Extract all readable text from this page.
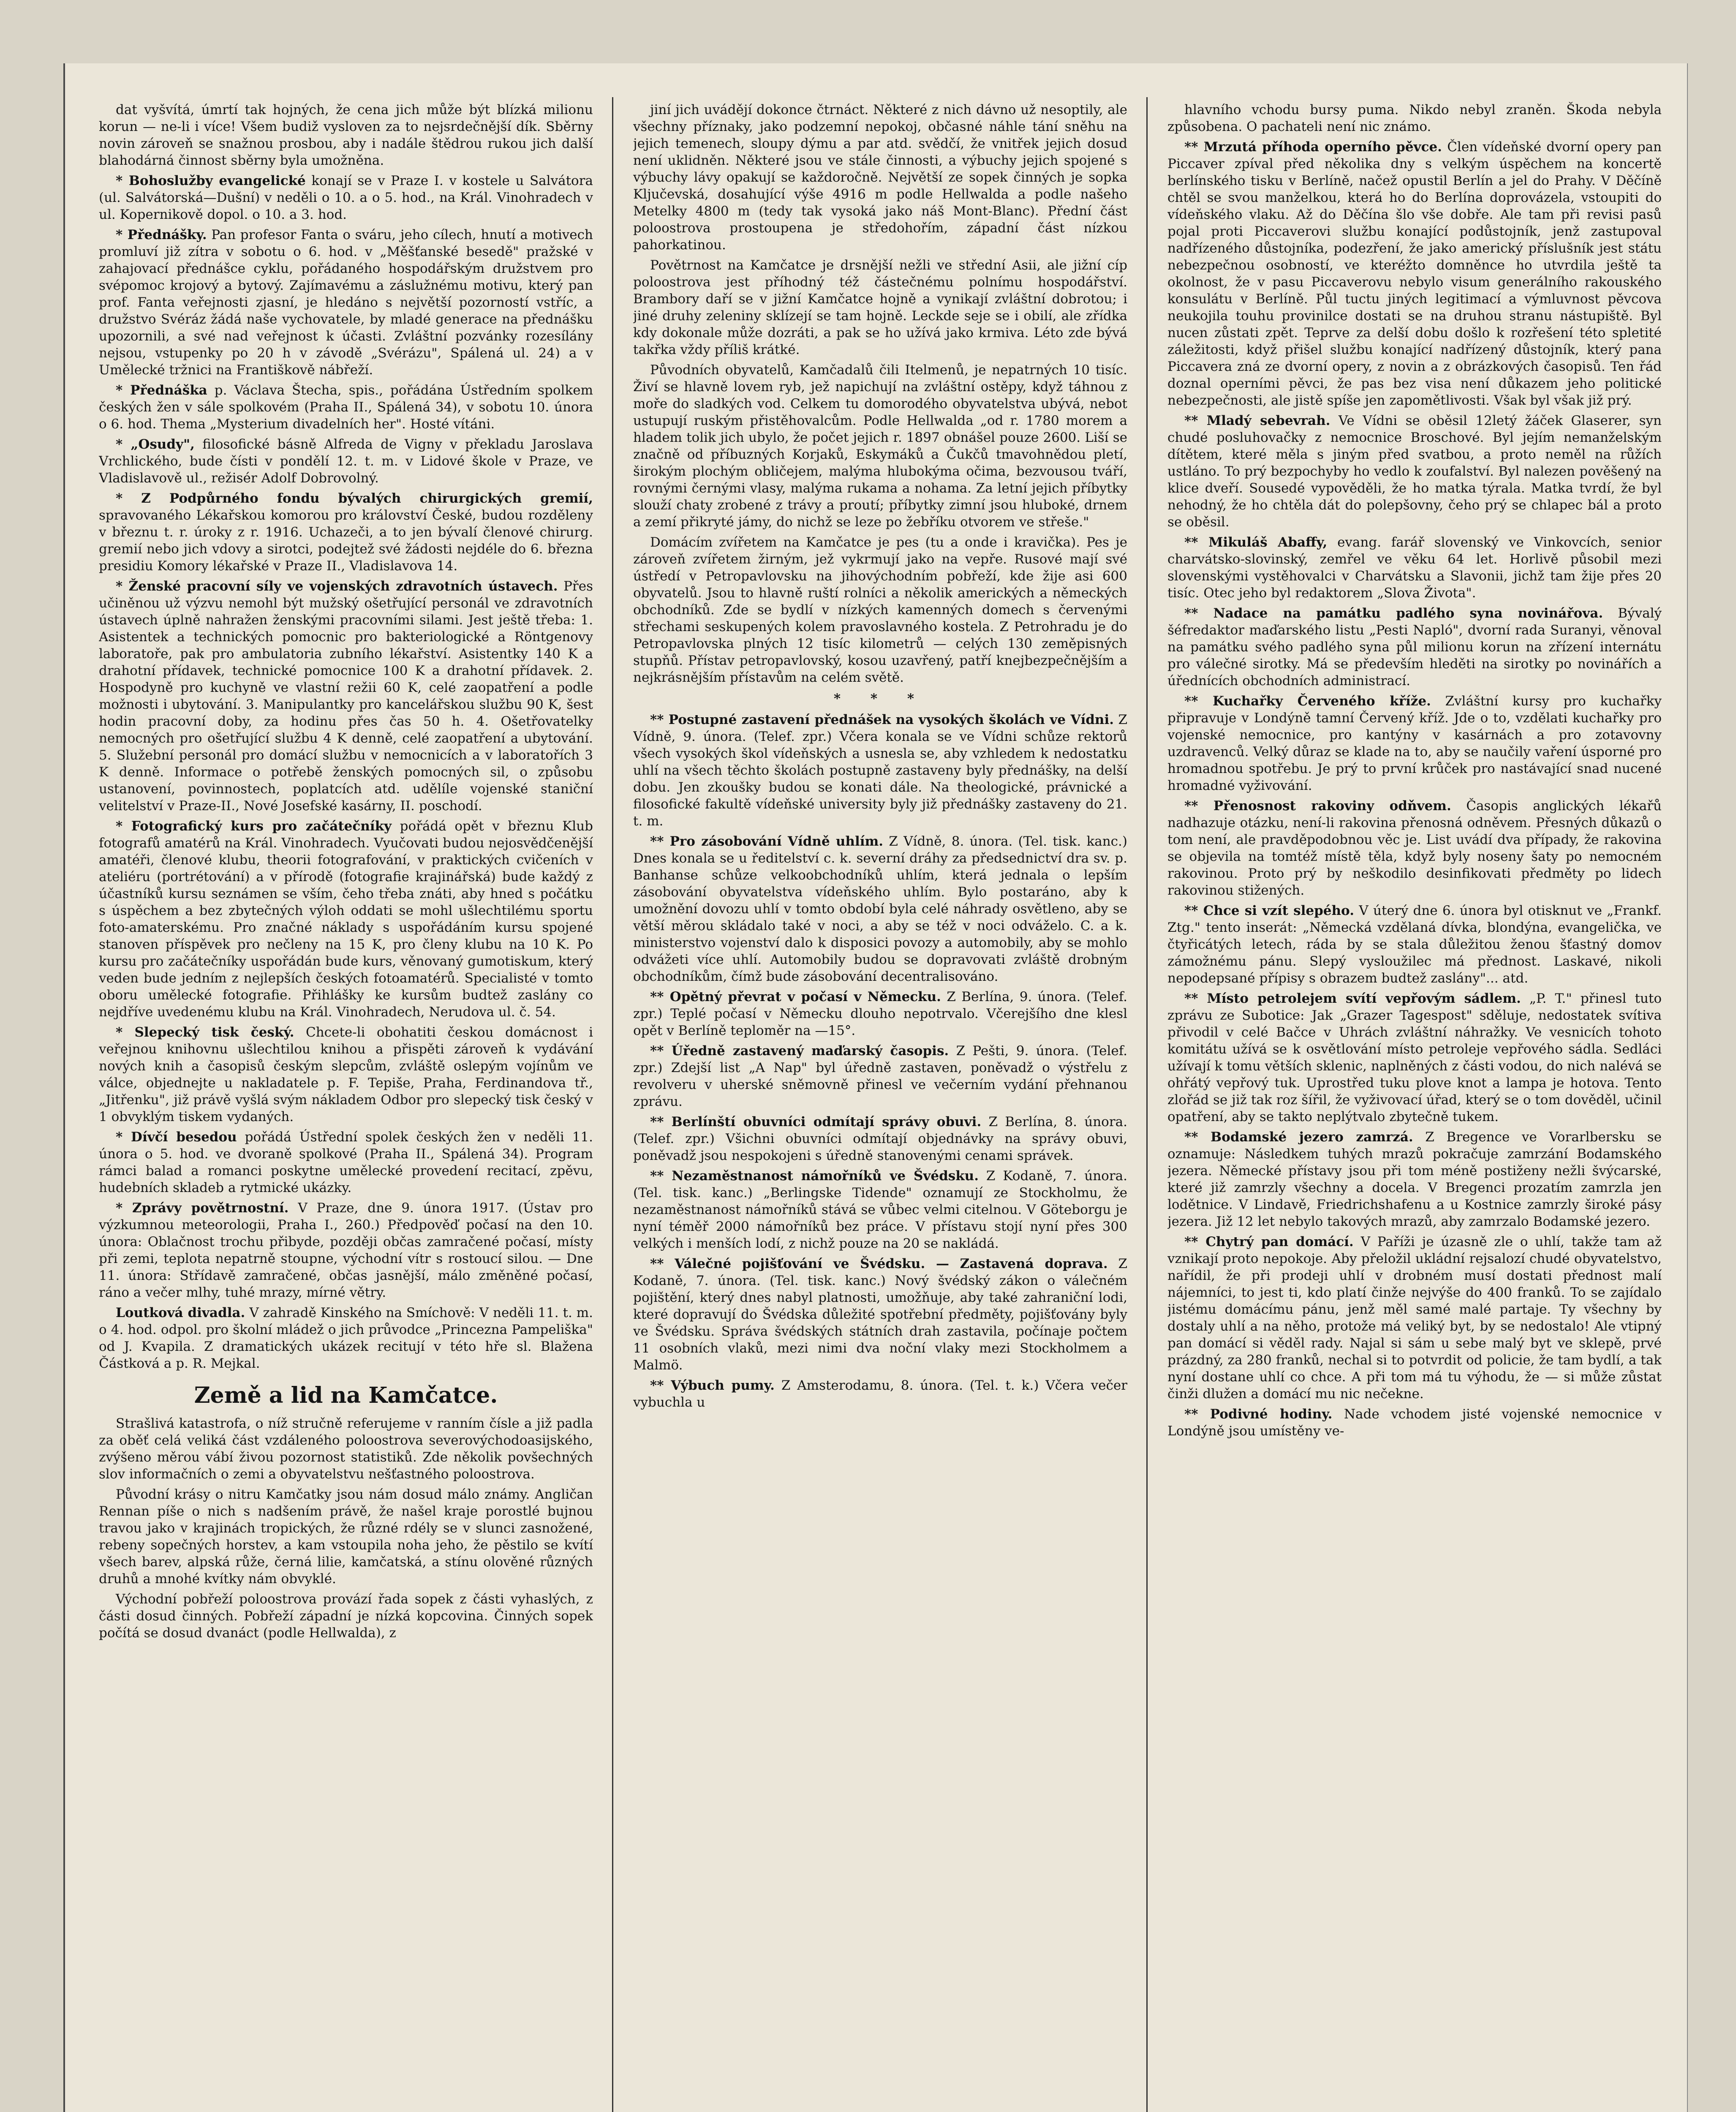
dat vyšvítá, úmrtí tak hojných, že cena jich může být blízká milionu korun — ne-li i více! Všem budiž vysloven za to nejsrdečnější dík. Sběrny novin zároveň se snažnou prosbou, aby i nadále štědrou rukou jich další blahodárná činnost sběrny byla umožněna.

* Bohoslužby evangelické konají se v Praze I. v kostele u Salvátora (ul. Salvátorská—Dušní) v neděli o 10. a o 5. hod., na Král. Vinohradech v ul. Kopernikově dopol. o 10. a 3. hod.

* Přednášky. Pan profesor Fanta o sváru, jeho cílech, hnutí a motivech promluví již zítra v sobotu o 6. hod. v „Měšťanské besedě" pražské v zahajovací přednášce cyklu, pořádaného hospodářským družstvem pro svépomoc krojový a bytový. Zajímavému a záslužnému motivu, který pan prof. Fanta veřejnosti zjasní, je hledáno s největší pozorností vstříc, a družstvo Svéráz žádá naše vychovatele, by mladé generace na přednášku upozornili, a své nad veřejnost k účasti. Zvláštní pozvánky rozesílány nejsou, vstupenky po 20 h v závodě „Svérázu", Spálená ul. 24) a v Umělecké tržnici na Františkově nábřeží.

* Přednáška p. Václava Štecha, spis., pořádána Ústředním spolkem českých žen v sále spolkovém (Praha II., Spálená 34), v sobotu 10. února o 6. hod. Thema „Mysterium divadelních her". Hosté vítáni.

* „Osudy", filosofické básně Alfreda de Vigny v překladu Jaroslava Vrchlického, bude čísti v pondělí 12. t. m. v Lidové škole v Praze, ve Vladislavově ul., režisér Adolf Dobrovolný.

* Z Podpůrného fondu bývalých chirurgických gremií, spravovaného Lékařskou komorou pro království České, budou rozděleny v březnu t. r. úroky z r. 1916. Uchazeči, a to jen bývalí členové chirurg. gremií nebo jich vdovy a sirotci, podejtež své žádosti nejdéle do 6. března presidiu Komory lékařské v Praze II., Vladislavova 14.

* Ženské pracovní síly ve vojenských zdravotních ústavech. Přes učiněnou už výzvu nemohl být mužský ošetřující personál ve zdravotních ústavech úplně nahražen ženskými pracovními silami. Jest ještě třeba: 1. Asistentek a technických pomocnic pro bakteriologické a Röntgenovy laboratoře, pak pro ambulatoria zubního lékařství. Asistentky 140 K a drahotní přídavek, technické pomocnice 100 K a drahotní přídavek. 2. Hospodyně pro kuchyně ve vlastní režii 60 K, celé zaopatření a podle možnosti i ubytování. 3. Manipulantky pro kancelářskou službu 90 K, šest hodin pracovní doby, za hodinu přes čas 50 h. 4. Ošetřovatelky nemocných pro ošetřující službu 4 K denně, celé zaopatření a ubytování. 5. Služební personál pro domácí službu v nemocnicích a v laboratořích 3 K denně. Informace o potřebě ženských pomocných sil, o způsobu ustanovení, povinnostech, poplatcích atd. udělíle vojenské staniční velitelství v Praze-II., Nové Josefské kasárny, II. poschodí.

* Fotografický kurs pro začátečníky pořádá opět v březnu Klub fotografů amatérů na Král. Vinohradech. Vyučovati budou nejosvědčenější amatéři, členové klubu, theorii fotografování, v praktických cvičeních v ateliéru (portrétování) a v přírodě (fotografie krajinářská) bude každý z účastníků kursu seznámen se vším, čeho třeba znáti, aby hned s počátku s úspěchem a bez zbytečných výloh oddati se mohl ušlechtilému sportu foto-amaterskému. Pro značné náklady s uspořádáním kursu spojené stanoven příspěvek pro nečleny na 15 K, pro členy klubu na 10 K. Po kursu pro začátečníky uspořádán bude kurs, věnovaný gumotiskum, který veden bude jedním z nejlepších českých fotoamatérů. Specialisté v tomto oboru umělecké fotografie. Přihlášky ke kursům budtež zaslány co nejdříve uvedenému klubu na Král. Vinohradech, Nerudova ul. č. 54.

* Slepecký tisk český. Chcete-li obohatiti českou domácnost i veřejnou knihovnu ušlechtilou knihou a přispěti zároveň k vydávání nových knih a časopisů českým slepcům, zvláště oslepým vojínům ve válce, objednejte u nakladatele p. F. Tepiše, Praha, Ferdinandova tř., „Jitřenku", již právě vyšlá svým nákladem Odbor pro slepecký tisk český v 1 obvyklým tiskem vydaných.

* Dívčí besedou pořádá Ústřední spolek českých žen v neděli 11. února o 5. hod. ve dvoraně spolkové (Praha II., Spálená 34). Program rámci balad a romanci poskytne umělecké provedení recitací, zpěvu, hudebních skladeb a rytmické ukázky.

* Zprávy povětrnostní. V Praze, dne 9. února 1917. (Ústav pro výzkumnou meteorologii, Praha I., 260.) Předpověď počasí na den 10. února: Oblačnost trochu přibyde, později občas zamračené počasí, místy při zemi, teplota nepatrně stoupne, východní vítr s rostoucí silou. — Dne 11. února: Střídavě zamračené, občas jasnější, málo změněné počasí, ráno a večer mlhy, tuhé mrazy, mírné větry.

Loutková divadla. V zahradě Kinského na Smíchově: V neděli 11. t. m. o 4. hod. odpol. pro školní mládež o jich průvodce „Princezna Pampeliška" od J. Kvapila. Z dramatických ukázek recitují v této hře sl. Blažena Částková a p. R. Mejkal.

Země a lid na Kamčatce.

Strašlivá katastrofa, o níž stručně referujeme v ranním čísle a již padla za oběť celá veliká část vzdáleného poloostrova severovýchodoasijského, zvýšeno měrou vábí živou pozornost statistiků. Zde několik povšechných slov informačních o zemi a obyvatelstvu nešťastného poloostrova.

Původní krásy o nitru Kamčatky jsou nám dosud málo známy. Angličan Rennan píše o nich s nadšením právě, že našel kraje porostlé bujnou travou jako v krajinách tropických, že různé rdély se v slunci zasnožené, rebeny sopečných horstev, a kam vstoupila noha jeho, že pěstilo se kvítí všech barev, alpská růže, černá lilie, kamčatská, a stínu olověné různých druhů a mnohé kvítky nám obvyklé.

Východní pobřeží poloostrova provází řada sopek z části vyhaslých, z části dosud činných. Pobřeží západní je nízká kopcovina. Činných sopek počítá se dosud dvanáct (podle Hellwalda), z

jiní jich uvádějí dokonce čtrnáct. Některé z nich dávno už nesoptily, ale všechny příznaky, jako podzemní nepokoj, občasné náhle tání sněhu na jejich temenech, sloupy dýmu a par atd. svědčí, že vnitřek jejich dosud není uklidněn. Některé jsou ve stále činnosti, a výbuchy jejich spojené s výbuchy lávy opakují se každoročně. Největší ze sopek činných je sopka Ključevská, dosahující výše 4916 m podle Hellwalda a podle našeho Metelky 4800 m (tedy tak vysoká jako náš Mont-Blanc). Přední část poloostrova prostoupena je středohořím, západní část nízkou pahorkatinou.

Povětrnost na Kamčatce je drsnější nežli ve střední Asii, ale jižní cíp poloostrova jest příhodný též částečnému polnímu hospodářství. Brambory daří se v jižní Kamčatce hojně a vynikají zvláštní dobrotou; i jiné druhy zeleniny sklízejí se tam hojně. Leckde seje se i obilí, ale zřídka kdy dokonale může dozráti, a pak se ho užívá jako krmiva. Léto zde bývá takřka vždy příliš krátké.

Původních obyvatelů, Kamčadalů čili Itelmenů, je nepatrných 10 tisíc. Živí se hlavně lovem ryb, jež napichují na zvláštní ostěpy, když táhnou z moře do sladkých vod. Celkem tu domorodého obyvatelstva ubývá, nebot ustupují ruským přistěhovalcům. Podle Hellwalda „od r. 1780 morem a hladem tolik jich ubylo, že počet jejich r. 1897 obnášel pouze 2600. Liší se značně od příbuzných Korjaků, Eskymáků a Čukčů tmavohnědou pletí, širokým plochým obličejem, malýma hlubokýma očima, bezvousou tváří, rovnými černými vlasy, malýma rukama a nohama. Za letní jejich příbytky slouží chaty zrobené z trávy a proutí; příbytky zimní jsou hluboké, drnem a zemí přikryté jámy, do nichž se leze po žebříku otvorem ve střeše."

Domácím zvířetem na Kamčatce je pes (tu a onde i kravička). Pes je zároveň zvířetem žirným, jež vykrmují jako na vepře. Rusové mají své ústředí v Petropavlovsku na jihovýchodním pobřeží, kde žije asi 600 obyvatelů. Jsou to hlavně ruští rolníci a několik amerických a německých obchodníků. Zde se bydlí v nízkých kamenných domech s červenými střechami seskupených kolem pravoslavného kostela. Z Petrohradu je do Petropavlovska plných 12 tisíc kilometrů — celých 130 zeměpisných stupňů. Přístav petropavlovský, kosou uzavřený, patří knejbezpečnějším a nejkrásnějším přístavům na celém světě.

* * *

** Postupné zastavení přednášek na vysokých školách ve Vídni. Z Vídně, 9. února. (Telef. zpr.) Včera konala se ve Vídni schůze rektorů všech vysokých škol vídeňských a usnesla se, aby vzhledem k nedostatku uhlí na všech těchto školách postupně zastaveny byly přednášky, na delší dobu. Jen zkoušky budou se konati dále. Na theologické, právnické a filosofické fakultě vídeňské university byly již přednášky zastaveny do 21. t. m.

** Pro zásobování Vídně uhlím. Z Vídně, 8. února. (Tel. tisk. kanc.) Dnes konala se u ředitelství c. k. severní dráhy za předsednictví dra sv. p. Banhanse schůze velkoobchodníků uhlím, která jednala o lepším zásobování obyvatelstva vídeňského uhlím. Bylo postaráno, aby k umožnění dovozu uhlí v tomto období byla celé náhrady osvětleno, aby se větší měrou skládalo také v noci, a aby se též v noci odváželo. C. a k. ministerstvo vojenství dalo k disposici povozy a automobily, aby se mohlo odvážeti více uhlí. Automobily budou se dopravovati zvláště drobným obchodníkům, čímž bude zásobování decentralisováno.

** Opětný převrat v počasí v Německu. Z Berlína, 9. února. (Telef. zpr.) Teplé počasí v Německu dlouho nepotrvalo. Včerejšího dne klesl opět v Berlíně teploměr na —15°.

** Úředně zastavený maďarský časopis. Z Pešti, 9. února. (Telef. zpr.) Zdejší list „A Nap" byl úředně zastaven, poněvadž o výstřelu z revolveru v uherské sněmovně přinesl ve večerním vydání přehnanou zprávu.

** Berlínští obuvníci odmítají správy obuvi. Z Berlína, 8. února. (Telef. zpr.) Všichni obuvníci odmítají objednávky na správy obuvi, poněvadž jsou nespokojeni s úředně stanovenými cenami správek.

** Nezaměstnanost námořníků ve Švédsku. Z Kodaně, 7. února. (Tel. tisk. kanc.) „Berlingske Tidende" oznamují ze Stockholmu, že nezaměstnanost námořníků stává se vůbec velmi citelnou. V Göteborgu je nyní téměř 2000 námořníků bez práce. V přístavu stojí nyní přes 300 velkých i menších lodí, z nichž pouze na 20 se nakládá.

** Válečné pojišťování ve Švédsku. — Zastavená doprava. Z Kodaně, 7. února. (Tel. tisk. kanc.) Nový švédský zákon o válečném pojištění, který dnes nabyl platnosti, umožňuje, aby také zahraniční lodi, které dopravují do Švédska důležité spotřební předměty, pojišťovány byly ve Švédsku. Správa švédských státních drah zastavila, počínaje počtem 11 osobních vlaků, mezi nimi dva noční vlaky mezi Stockholmem a Malmö.

** Výbuch pumy. Z Amsterodamu, 8. února. (Tel. t. k.) Včera večer vybuchla u

hlavního vchodu bursy puma. Nikdo nebyl zraněn. Škoda nebyla způsobena. O pachateli není nic známo.

** Mrzutá příhoda operního pěvce. Člen vídeňské dvorní opery pan Piccaver zpíval před několika dny s velkým úspěchem na koncertě berlínského tisku v Berlíně, načež opustil Berlín a jel do Prahy. V Děčíně chtěl se svou manželkou, která ho do Berlína doprovázela, vstoupiti do vídeňského vlaku. Až do Děčína šlo vše dobře. Ale tam při revisi pasů pojal proti Piccaverovi službu konající podůstojník, jenž zastupoval nadřízeného důstojníka, podezření, že jako americký příslušník jest státu nebezpečnou osobností, ve kteréžto domněnce ho utvrdila ještě ta okolnost, že v pasu Piccaverovu nebylo visum generálního rakouského konsulátu v Berlíně. Půl tuctu jiných legitimací a výmluvnost pěvcova neukojila touhu provinilce dostati se na druhou stranu nástupiště. Byl nucen zůstati zpět. Teprve za delší dobu došlo k rozřešení této spletité záležitosti, když přišel službu konající nadřízený důstojník, který pana Piccavera zná ze dvorní opery, z novin a z obrázkových časopisů. Ten řád doznal operními pěvci, že pas bez visa není důkazem jeho politické nebezpečnosti, ale jistě spíše jen zapomětlivosti. Však byl však již prý.

** Mladý sebevrah. Ve Vídni se oběsil 12letý žáček Glaserer, syn chudé posluhovačky z nemocnice Broschové. Byl jejím nemanželským dítětem, které měla s jiným před svatbou, a proto neměl na růžích ustláno. To prý bezpochyby ho vedlo k zoufalství. Byl nalezen pověšený na klice dveří. Sousedé vypověděli, že ho matka týrala. Matka tvrdí, že byl nehodný, že ho chtěla dát do polepšovny, čeho prý se chlapec bál a proto se oběsil.

** Mikuláš Abaffy, evang. farář slovenský ve Vinkovcích, senior charvátsko-slovinský, zemřel ve věku 64 let. Horlivě působil mezi slovenskými vystěhovalci v Charvátsku a Slavonii, jichž tam žije přes 20 tisíc. Otec jeho byl redaktorem „Slova Života".

** Nadace na památku padlého syna novinářova. Bývalý šéfredaktor maďarského listu „Pesti Napló", dvorní rada Suranyi, věnoval na památku svého padlého syna půl milionu korun na zřízení internátu pro válečné sirotky. Má se především hleděti na sirotky po novinářích a úřednících obchodních administrací.

** Kuchařky Červeného kříže. Zvláštní kursy pro kuchařky připravuje v Londýně tamní Červený kříž. Jde o to, vzdělati kuchařky pro vojenské nemocnice, pro kantýny v kasárnách a pro zotavovny uzdravenců. Velký důraz se klade na to, aby se naučily vaření úsporné pro hromadnou spotřebu. Je prý to první krůček pro nastávající snad nucené hromadné vyživování.

** Přenosnost rakoviny odňvem. Časopis anglických lékařů nadhazuje otázku, není-li rakovina přenosná odněvem. Přesných důkazů o tom není, ale pravděpodobnou věc je. List uvádí dva případy, že rakovina se objevila na tomtéž místě těla, když byly noseny šaty po nemocném rakovinou. Proto prý by neškodilo desinfikovati předměty po lidech rakovinou stižených.

** Chce si vzít slepého. V úterý dne 6. února byl otisknut ve „Frankf. Ztg." tento inserát: „Německá vzdělaná dívka, blondýna, evangelička, ve čtyřicátých letech, ráda by se stala důležitou ženou šťastný domov zámožnému pánu. Slepý vysloužilec má přednost. Laskavé, nikoli nepodepsané přípisy s obrazem budtež zaslány"... atd.

** Místo petrolejem svítí vepřovým sádlem. „P. T." přinesl tuto zprávu ze Subotice: Jak „Grazer Tagespost" sděluje, nedostatek svítiva přivodil v celé Bačce v Uhrách zvláštní náhražky. Ve vesnicích tohoto komitátu užívá se k osvětlování místo petroleje vepřového sádla. Sedláci užívají k tomu větších sklenic, naplněných z části vodou, do nich nalévá se ohřátý vepřový tuk. Uprostřed tuku plove knot a lampa je hotova. Tento zlořád se již tak roz šířil, že vyživovací úřad, který se o tom dověděl, učinil opatření, aby se takto neplýtvalo zbytečně tukem.

** Bodamské jezero zamrzá. Z Bregence ve Vorarlbersku se oznamuje: Následkem tuhých mrazů pokračuje zamrzání Bodamského jezera. Německé přístavy jsou při tom méně postiženy nežli švýcarské, které již zamrzly všechny a docela. V Bregenci prozatím zamrzla jen lodětnice. V Lindavě, Friedrichshafenu a u Kostnice zamrzly široké pásy jezera. Již 12 let nebylo takových mrazů, aby zamrzalo Bodamské jezero.

** Chytrý pan domácí. V Paříži je úzasně zle o uhlí, takže tam až vznikají proto nepokoje. Aby přeložil ukládní rejsalozí chudé obyvatelstvo, nařídil, že při prodeji uhlí v drobném musí dostati přednost malí nájemníci, to jest ti, kdo platí činže nejvýše do 400 franků. To se zajídalo jistému domácímu pánu, jenž měl samé malé partaje. Ty všechny by dostaly uhlí a na něho, protože má veliký byt, by se nedostalo! Ale vtipný pan domácí si věděl rady. Najal si sám u sebe malý byt ve sklepě, prvé prázdný, za 280 franků, nechal si to potvrdit od policie, že tam bydlí, a tak nyní dostane uhlí co chce. A při tom má tu výhodu, že — si může zůstat činži dlužen a domácí mu nic nečekne.

** Podivné hodiny. Nade vchodem jisté vojenské nemocnice v Londýně jsou umístěny ve-
